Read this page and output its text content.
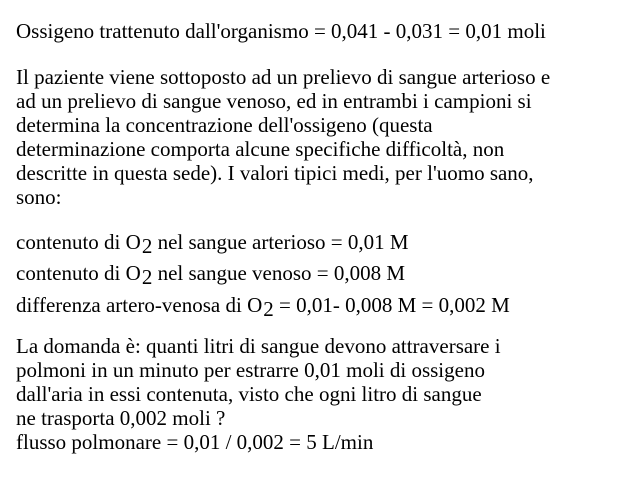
Ossigeno trattenuto dall'organismo = 0,041 - 0,031 = 0,01 moli
Il paziente viene sottoposto ad un prelievo di sangue arterioso e
ad un prelievo di sangue venoso, ed in entrambi i campioni si
determina la concentrazione dell'ossigeno (questa
determinazione comporta alcune specifiche difficoltà, non
descritte in questa sede). I valori tipici medi, per l'uomo sano,
sono:
contenuto di O2 nel sangue arterioso = 0,01 M
contenuto di O2 nel sangue venoso = 0,008 M
differenza artero-venosa di O2 = 0,01- 0,008 M = 0,002 M
La domanda è: quanti litri di sangue devono attraversare i
polmoni in un minuto per estrarre 0,01 moli di ossigeno
dall'aria in essi contenuta, visto che ogni litro di sangue
ne trasporta 0,002 moli ?
flusso polmonare = 0,01 / 0,002 = 5 L/min
